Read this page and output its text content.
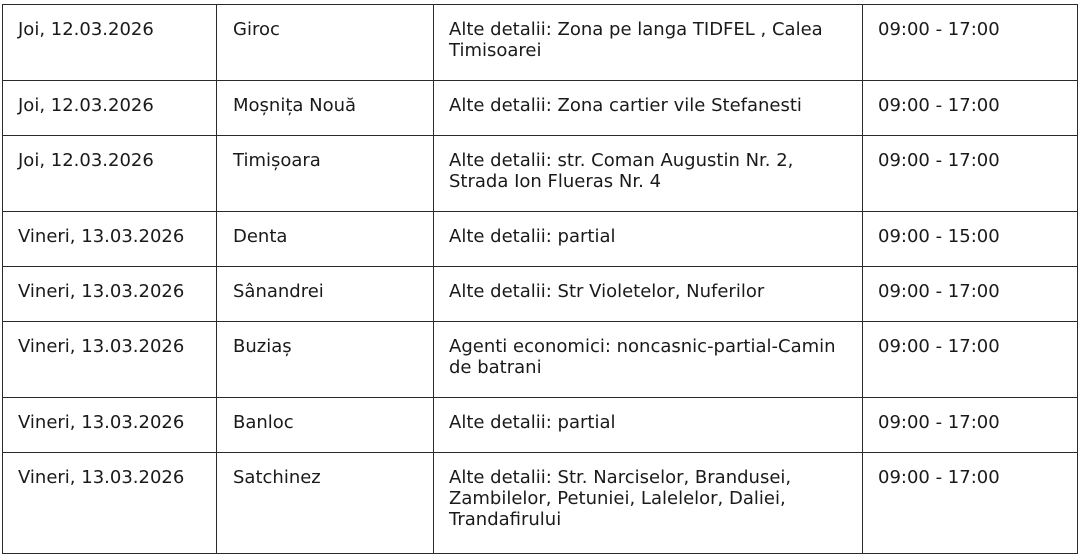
Joi, 12.03.2026	Giroc	Alte detalii: Zona pe langa TIDFEL , Calea Timisoarei	09:00 - 17:00

Joi, 12.03.2026	Moșnița Nouă	Alte detalii: Zona cartier vile Stefanesti	09:00 - 17:00

Joi, 12.03.2026	Timișoara	Alte detalii: str. Coman Augustin Nr. 2, Strada Ion Flueras Nr. 4	09:00 - 17:00

Vineri, 13.03.2026	Denta	Alte detalii: partial	09:00 - 15:00

Vineri, 13.03.2026	Sânandrei	Alte detalii: Str Violetelor, Nuferilor	09:00 - 17:00

Vineri, 13.03.2026	Buziaș	Agenti economici: noncasnic-partial-Camin de batrani	09:00 - 17:00

Vineri, 13.03.2026	Banloc	Alte detalii: partial	09:00 - 17:00

Vineri, 13.03.2026	Satchinez	Alte detalii: Str. Narciselor, Brandusei, Zambilelor, Petuniei, Lalelelor, Daliei, Trandafirului	09:00 - 17:00
